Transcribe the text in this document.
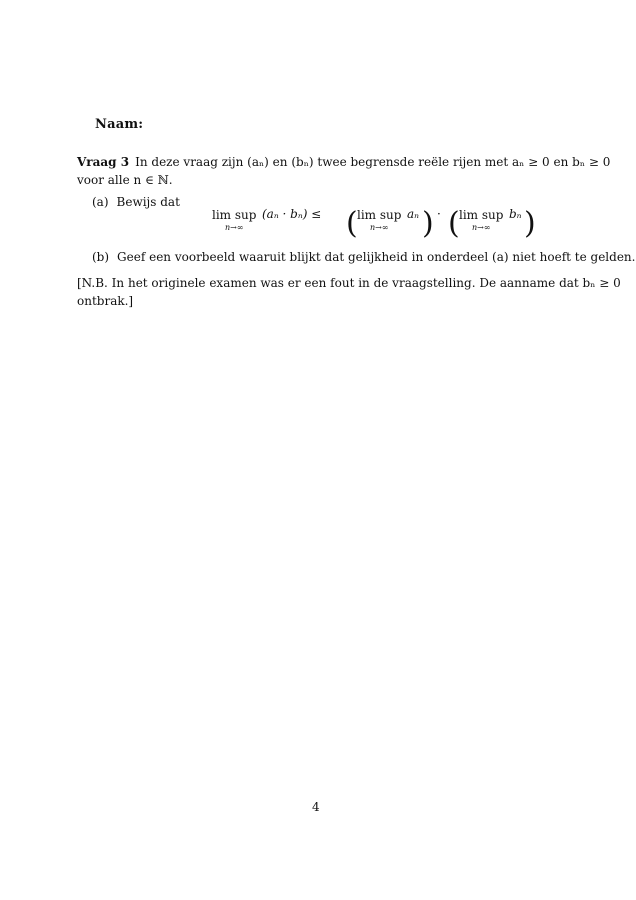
Naam:
Vraag 3 In deze vraag zijn (aₙ) en (bₙ) twee begrensde reële rijen met aₙ ≥ 0 en bₙ ≥ 0
voor alle n ∈ ℕ.
(a) Bewijs dat
lim sup
n→∞
(aₙ · bₙ) ≤ ( lim sup
n→∞
aₙ ) · ( lim sup
n→∞
bₙ )
(b) Geef een voorbeeld waaruit blijkt dat gelijkheid in onderdeel (a) niet hoeft te gelden.
[N.B. In het originele examen was er een fout in de vraagstelling. De aanname dat bₙ ≥ 0
ontbrak.]
4
